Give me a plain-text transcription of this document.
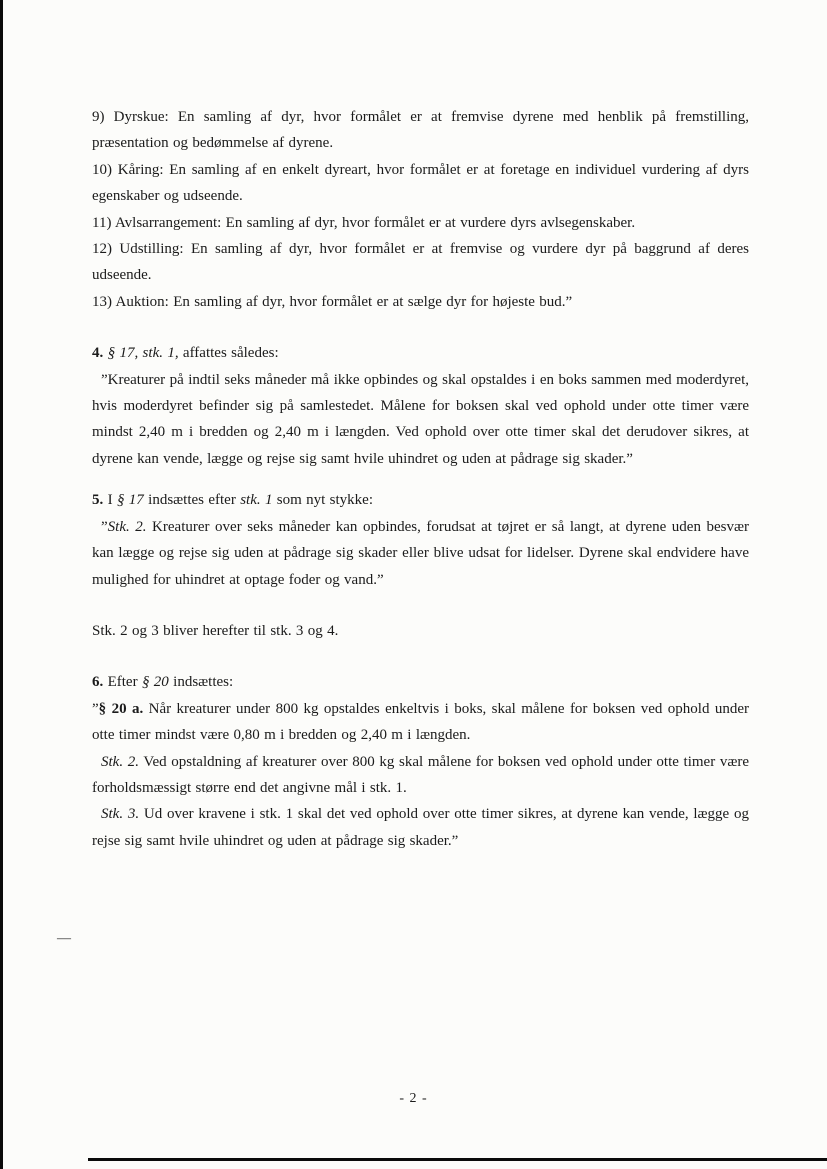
9) Dyrskue: En samling af dyr, hvor formålet er at fremvise dyrene med henblik på fremstilling, præsentation og bedømmelse af dyrene.
10) Kåring: En samling af en enkelt dyreart, hvor formålet er at foretage en individuel vurdering af dyrs egenskaber og udseende.
11) Avlsarrangement: En samling af dyr, hvor formålet er at vurdere dyrs avlsegenskaber.
12) Udstilling: En samling af dyr, hvor formålet er at fremvise og vurdere dyr på baggrund af deres udseende.
13) Auktion: En samling af dyr, hvor formålet er at sælge dyr for højeste bud.”
4. § 17, stk. 1, affattes således:
”Kreaturer på indtil seks måneder må ikke opbindes og skal opstaldes i en boks sammen med moderdyret, hvis moderdyret befinder sig på samlestedet. Målene for boksen skal ved ophold under otte timer være mindst 2,40 m i bredden og 2,40 m i længden. Ved ophold over otte timer skal det derudover sikres, at dyrene kan vende, lægge og rejse sig samt hvile uhindret og uden at pådrage sig skader.”
5. I § 17 indsættes efter stk. 1 som nyt stykke:
”Stk. 2. Kreaturer over seks måneder kan opbindes, forudsat at tøjret er så langt, at dyrene uden besvær kan lægge og rejse sig uden at pådrage sig skader eller blive udsat for lidelser. Dyrene skal endvidere have mulighed for uhindret at optage foder og vand.”
Stk. 2 og 3 bliver herefter til stk. 3 og 4.
6. Efter § 20 indsættes:
”§ 20 a. Når kreaturer under 800 kg opstaldes enkeltvis i boks, skal målene for boksen ved ophold under otte timer mindst være 0,80 m i bredden og 2,40 m i længden.
Stk. 2. Ved opstaldning af kreaturer over 800 kg skal målene for boksen ved ophold under otte timer være forholdsmæssigt større end det angivne mål i stk. 1.
Stk. 3. Ud over kravene i stk. 1 skal det ved ophold over otte timer sikres, at dyrene kan vende, lægge og rejse sig samt hvile uhindret og uden at pådrage sig skader.”
—
- 2 -
